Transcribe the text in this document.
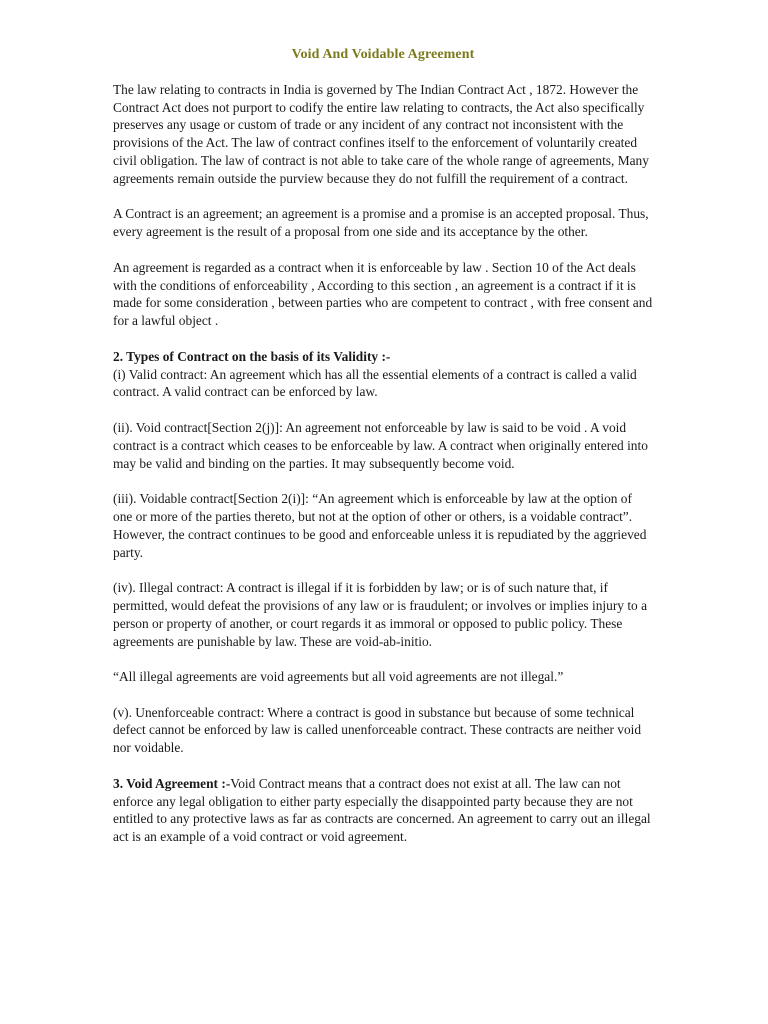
Void And Voidable Agreement

The law relating to contracts in India is governed by The Indian Contract Act , 1872. However the Contract Act does not purport to codify the entire law relating to contracts, the Act also specifically preserves any usage or custom of trade or any incident of any contract not inconsistent with the provisions of the Act. The law of contract confines itself to the enforcement of voluntarily created civil obligation. The law of contract is not able to take care of the whole range of agreements, Many agreements remain outside the purview because they do not fulfill the requirement of a contract.

A Contract is an agreement; an agreement is a promise and a promise is an accepted proposal. Thus, every agreement is the result of a proposal from one side and its acceptance by the other.

An agreement is regarded as a contract when it is enforceable by law . Section 10 of the Act deals with the conditions of enforceability , According to this section , an agreement is a contract if it is made for some consideration , between parties who are competent to contract , with free consent and for a lawful object .

2. Types of Contract on the basis of its Validity :-
(i) Valid contract: An agreement which has all the essential elements of a contract is called a valid contract. A valid contract can be enforced by law.

(ii). Void contract[Section 2(j)]: An agreement not enforceable by law is said to be void . A void contract is a contract which ceases to be enforceable by law. A contract when originally entered into may be valid and binding on the parties. It may subsequently become void.

(iii). Voidable contract[Section 2(i)]: “An agreement which is enforceable by law at the option of one or more of the parties thereto, but not at the option of other or others, is a voidable contract”. However, the contract continues to be good and enforceable unless it is repudiated by the aggrieved party.

(iv). Illegal contract: A contract is illegal if it is forbidden by law; or is of such nature that, if permitted, would defeat the provisions of any law or is fraudulent; or involves or implies injury to a person or property of another, or court regards it as immoral or opposed to public policy. These agreements are punishable by law. These are void-ab-initio.

“All illegal agreements are void agreements but all void agreements are not illegal.”

(v). Unenforceable contract: Where a contract is good in substance but because of some technical defect cannot be enforced by law is called unenforceable contract. These contracts are neither void nor voidable.

3. Void Agreement :-Void Contract means that a contract does not exist at all. The law can not enforce any legal obligation to either party especially the disappointed party because they are not entitled to any protective laws as far as contracts are concerned. An agreement to carry out an illegal act is an example of a void contract or void agreement.
